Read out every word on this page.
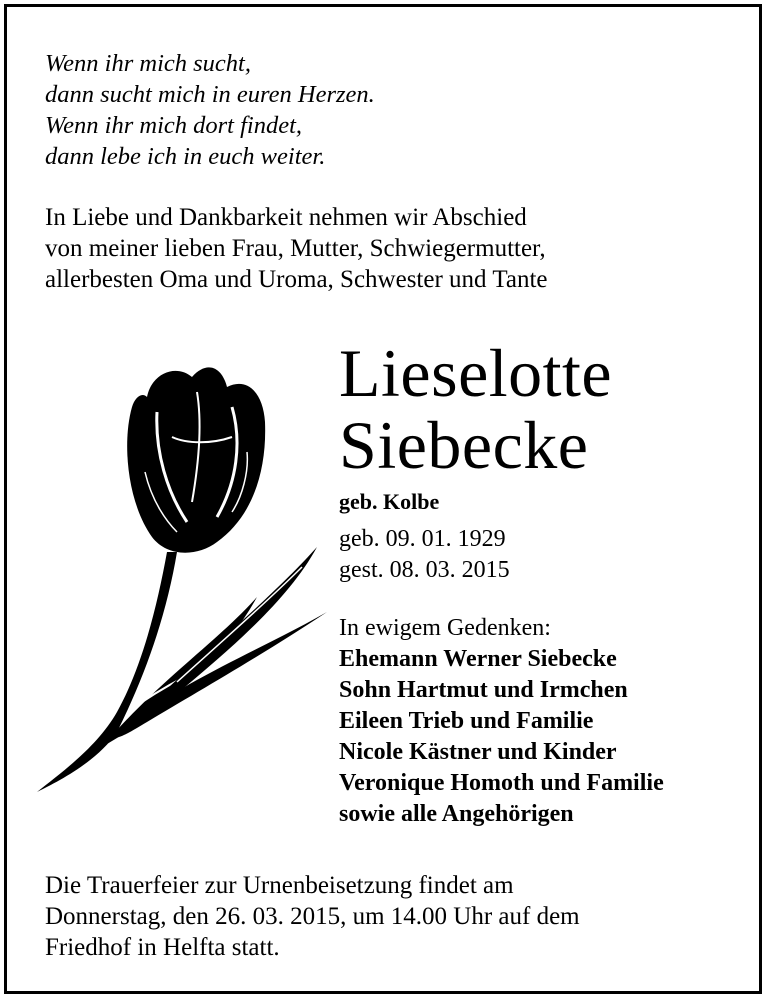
Wenn ihr mich sucht,
dann sucht mich in euren Herzen.
Wenn ihr mich dort findet,
dann lebe ich in euch weiter.
In Liebe und Dankbarkeit nehmen wir Abschied
von meiner lieben Frau, Mutter, Schwiegermutter,
allerbesten Oma und Uroma, Schwester und Tante
Lieselotte
Siebecke
geb. Kolbe
geb. 09. 01. 1929
gest. 08. 03. 2015
In ewigem Gedenken:
Ehemann Werner Siebecke
Sohn Hartmut und Irmchen
Eileen Trieb und Familie
Nicole Kästner und Kinder
Veronique Homoth und Familie
sowie alle Angehörigen
Die Trauerfeier zur Urnenbeisetzung findet am
Donnerstag, den 26. 03. 2015, um 14.00 Uhr auf dem
Friedhof in Helfta statt.
